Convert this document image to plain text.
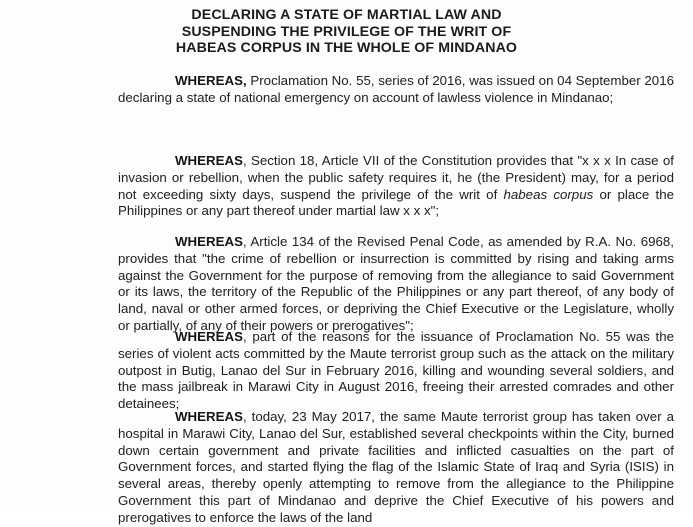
DECLARING A STATE OF MARTIAL LAW AND
SUSPENDING THE PRIVILEGE OF THE WRIT OF
HABEAS CORPUS IN THE WHOLE OF MINDANAO

WHEREAS, Proclamation No. 55, series of 2016, was issued on 04 September 2016 declaring a state of national emergency on account of lawless violence in Mindanao;

WHEREAS, Section 18, Article VII of the Constitution provides that "x x x In case of invasion or rebellion, when the public safety requires it, he (the President) may, for a period not exceeding sixty days, suspend the privilege of the writ of habeas corpus or place the Philippines or any part thereof under martial law x x x";

WHEREAS, Article 134 of the Revised Penal Code, as amended by R.A. No. 6968, provides that "the crime of rebellion or insurrection is committed by rising and taking arms against the Government for the purpose of removing from the allegiance to said Government or its laws, the territory of the Republic of the Philippines or any part thereof, of any body of land, naval or other armed forces, or depriving the Chief Executive or the Legislature, wholly or partially, of any of their powers or prerogatives";

WHEREAS, part of the reasons for the issuance of Proclamation No. 55 was the series of violent acts committed by the Maute terrorist group such as the attack on the military outpost in Butig, Lanao del Sur in February 2016, killing and wounding several soldiers, and the mass jailbreak in Marawi City in August 2016, freeing their arrested comrades and other detainees;

WHEREAS, today, 23 May 2017, the same Maute terrorist group has taken over a hospital in Marawi City, Lanao del Sur, established several checkpoints within the City, burned down certain government and private facilities and inflicted casualties on the part of Government forces, and started flying the flag of the Islamic State of Iraq and Syria (ISIS) in several areas, thereby openly attempting to remove from the allegiance to the Philippine Government this part of Mindanao and deprive the Chief Executive of his powers and prerogatives to enforce the laws of the land
